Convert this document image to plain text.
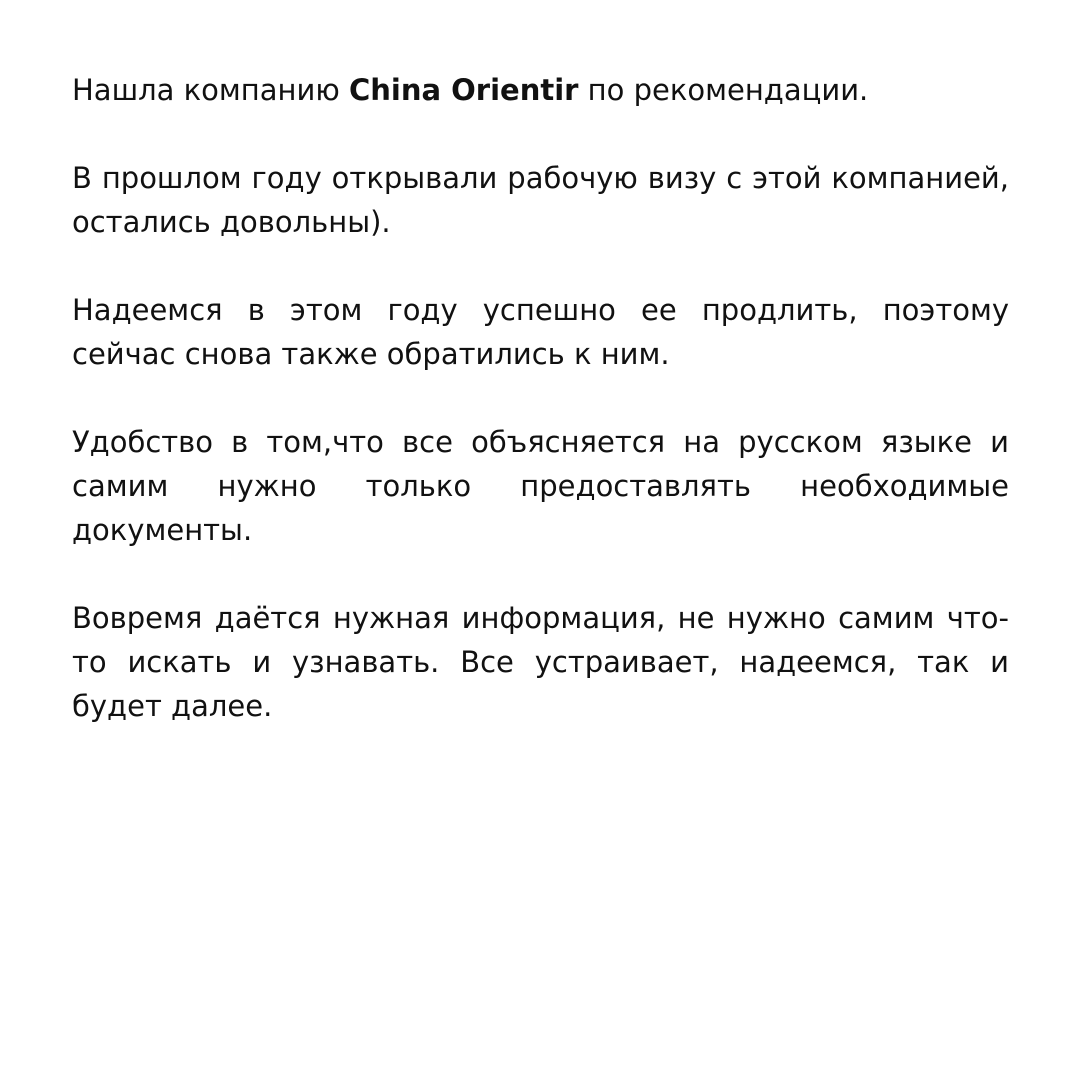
Нашла компанию China Orientir по рекомендации.

В прошлом году открывали рабочую визу с этой компанией, остались довольны).

Надеемся в этом году успешно ее продлить, поэтому сейчас снова также обратились к ним.

Удобство в том,что все объясняется на русском языке и самим нужно только предоставлять необходимые документы.

Вовремя даётся нужная информация, не нужно самим что-то искать и узнавать. Все устраивает, надеемся, так и будет далее.
